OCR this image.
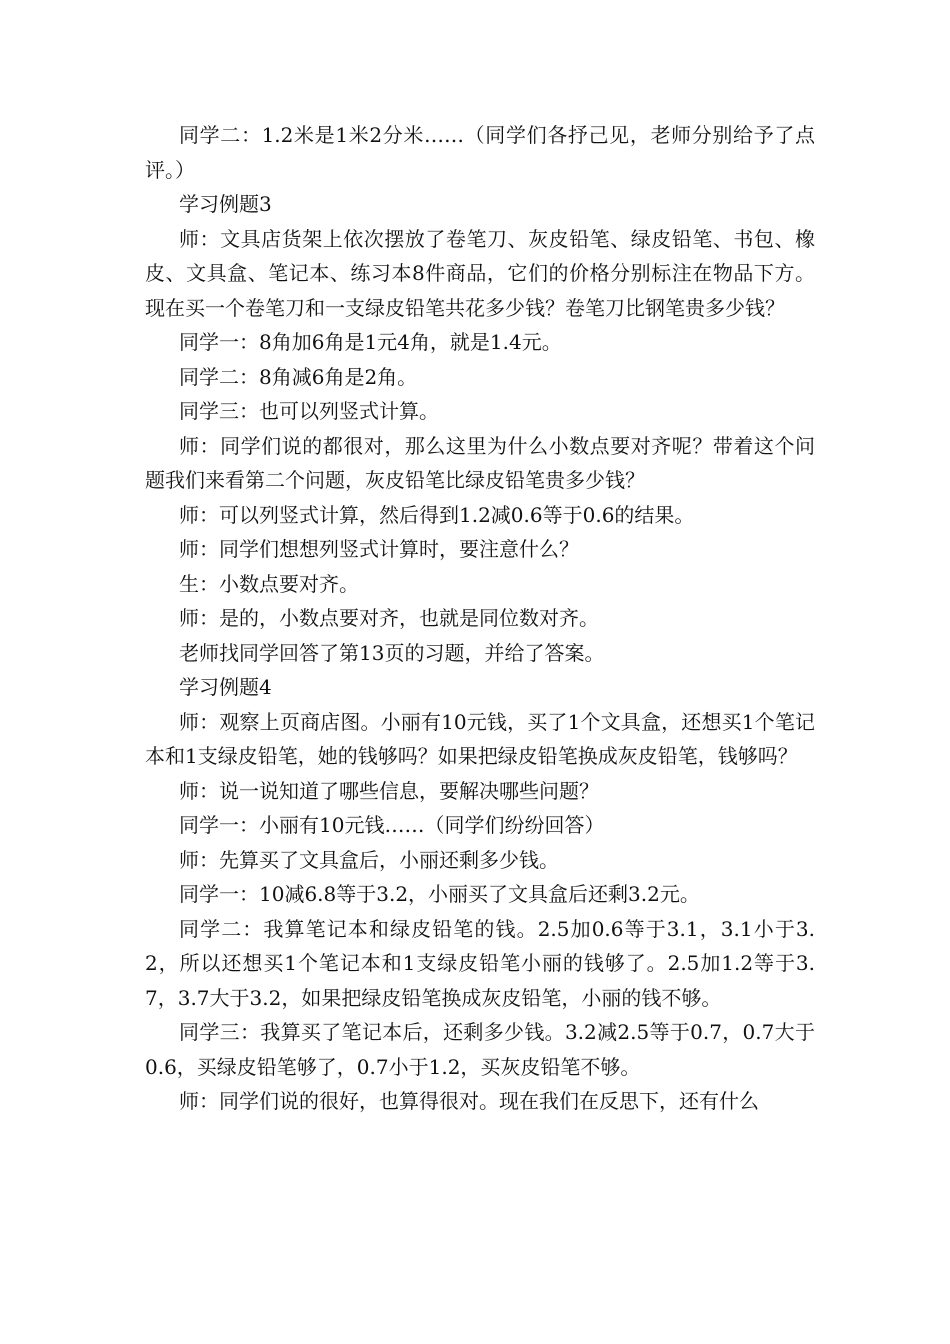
同学二：1.2米是1米2分米……（同学们各抒己见，老师分别给予了点评。）

学习例题3

师：文具店货架上依次摆放了卷笔刀、灰皮铅笔、绿皮铅笔、书包、橡皮、文具盒、笔记本、练习本8件商品，它们的价格分别标注在物品下方。现在买一个卷笔刀和一支绿皮铅笔共花多少钱？卷笔刀比钢笔贵多少钱？

同学一：8角加6角是1元4角，就是1.4元。

同学二：8角减6角是2角。

同学三：也可以列竖式计算。

师：同学们说的都很对，那么这里为什么小数点要对齐呢？带着这个问题我们来看第二个问题，灰皮铅笔比绿皮铅笔贵多少钱？

师：可以列竖式计算，然后得到1.2减0.6等于0.6的结果。

师：同学们想想列竖式计算时，要注意什么？

生：小数点要对齐。

师：是的，小数点要对齐，也就是同位数对齐。

老师找同学回答了第13页的习题，并给了答案。

学习例题4

师：观察上页商店图。小丽有10元钱，买了1个文具盒，还想买1个笔记本和1支绿皮铅笔，她的钱够吗？如果把绿皮铅笔换成灰皮铅笔，钱够吗？

师：说一说知道了哪些信息，要解决哪些问题？

同学一：小丽有10元钱……（同学们纷纷回答）

师：先算买了文具盒后，小丽还剩多少钱。

同学一：10减6.8等于3.2，小丽买了文具盒后还剩3.2元。

同学二：我算笔记本和绿皮铅笔的钱。2.5加0.6等于3.1，3.1小于3.2，所以还想买1个笔记本和1支绿皮铅笔小丽的钱够了。2.5加1.2等于3.7，3.7大于3.2，如果把绿皮铅笔换成灰皮铅笔，小丽的钱不够。

同学三：我算买了笔记本后，还剩多少钱。3.2减2.5等于0.7，0.7大于0.6，买绿皮铅笔够了，0.7小于1.2，买灰皮铅笔不够。

师：同学们说的很好，也算得很对。现在我们在反思下，还有什么
